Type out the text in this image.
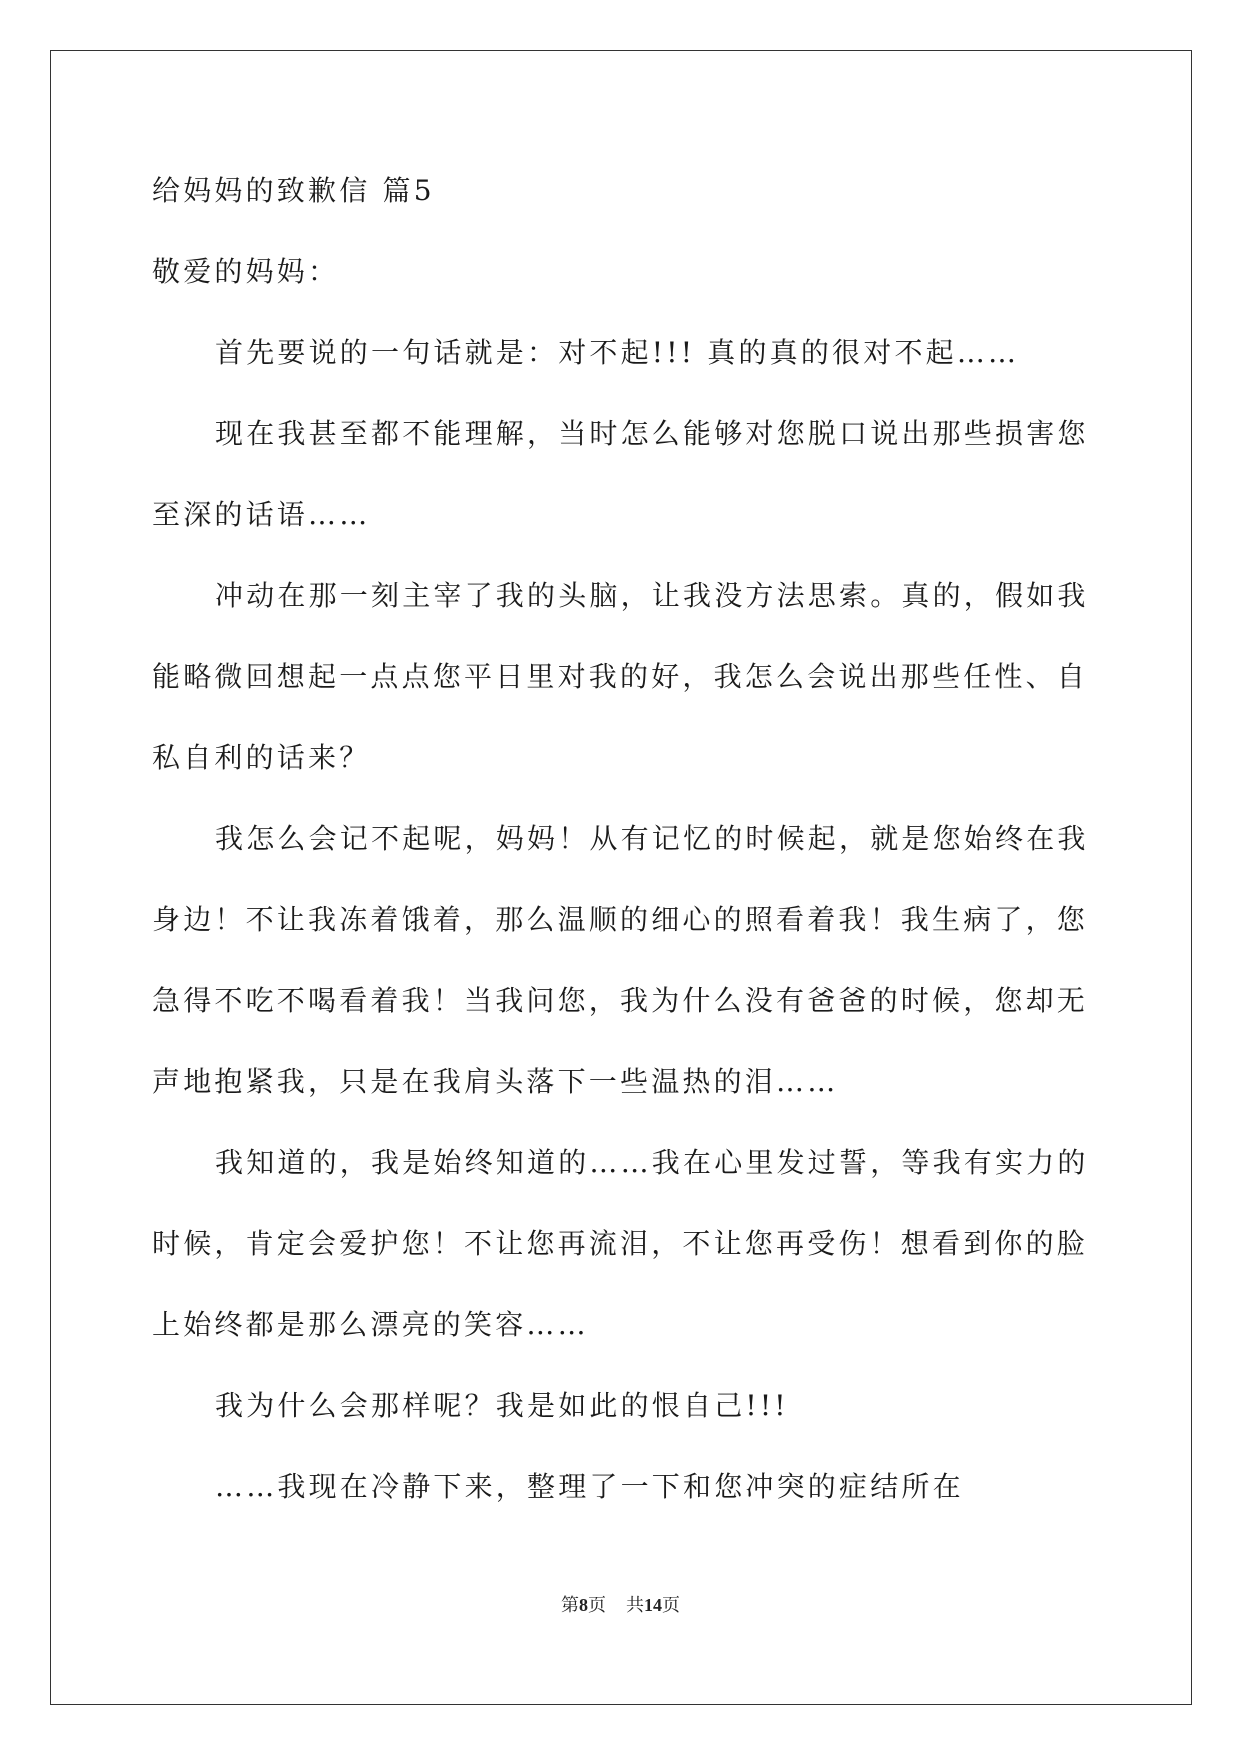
给妈妈的致歉信 篇5
敬爱的妈妈：
首先要说的一句话就是：对不起!!! 真的真的很对不起……
现在我甚至都不能理解，当时怎么能够对您脱口说出那些损害您
至深的话语……
冲动在那一刻主宰了我的头脑，让我没方法思索。真的，假如我
能略微回想起一点点您平日里对我的好，我怎么会说出那些任性、自
私自利的话来？
我怎么会记不起呢，妈妈！从有记忆的时候起，就是您始终在我
身边！不让我冻着饿着，那么温顺的细心的照看着我！我生病了，您
急得不吃不喝看着我！当我问您，我为什么没有爸爸的时候，您却无
声地抱紧我，只是在我肩头落下一些温热的泪……
我知道的，我是始终知道的……我在心里发过誓，等我有实力的
时候，肯定会爱护您！不让您再流泪，不让您再受伤！想看到你的脸
上始终都是那么漂亮的笑容……
我为什么会那样呢？我是如此的恨自己!!!
……我现在冷静下来，整理了一下和您冲突的症结所在
第8页 共14页
